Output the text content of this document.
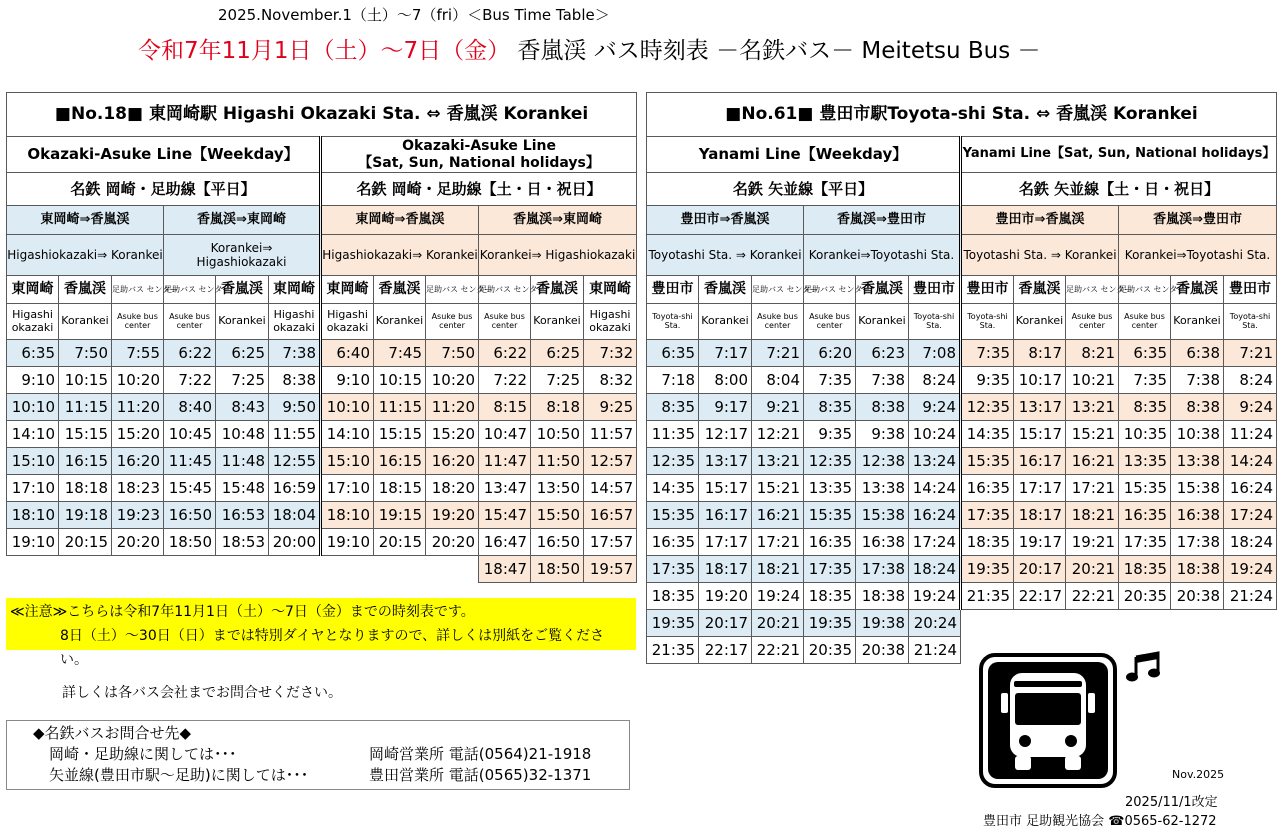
2025.November.1（土）～7（fri）＜Bus Time Table＞
令和7年11月1日（土）～7日（金） 香嵐渓 バス時刻表 －名鉄バス－ Meitetsu Bus －
■No.18■ 東岡崎駅 Higashi Okazaki Sta. ⇔ 香嵐渓 Korankei											
Okazaki-Asuke Line【Weekday】						Okazaki-Asuke Line
【Sat, Sun, National holidays】					

名鉄 岡崎・足助線【平日】						名鉄 岡崎・足助線【土・日・祝日】					
東岡崎⇒香嵐渓			香嵐渓⇒東岡崎			東岡崎⇒香嵐渓			香嵐渓⇒東岡崎		
Higashiokazaki⇒ Korankei			Korankei⇒ Higashiokazaki			Higashiokazaki⇒ Korankei			Korankei⇒ Higashiokazaki		
東岡崎	香嵐渓	足助バス センター	足助バス センター	香嵐渓	東岡崎	東岡崎	香嵐渓	足助バス センター	足助バス センター	香嵐渓	東岡崎
Higashi okazaki	Korankei	Asuke bus center	Asuke bus center	Korankei	Higashi okazaki	Higashi okazaki	Korankei	Asuke bus center	Asuke bus center	Korankei	Higashi okazaki
6:35	7:50	7:55	6:22	6:25	7:38	6:40	7:45	7:50	6:22	6:25	7:32
9:10	10:15	10:20	7:22	7:25	8:38	9:10	10:15	10:20	7:22	7:25	8:32
10:10	11:15	11:20	8:40	8:43	9:50	10:10	11:15	11:20	8:15	8:18	9:25
14:10	15:15	15:20	10:45	10:48	11:55	14:10	15:15	15:20	10:47	10:50	11:57
15:10	16:15	16:20	11:45	11:48	12:55	15:10	16:15	16:20	11:47	11:50	12:57
17:10	18:18	18:23	15:45	15:48	16:59	17:10	18:15	18:20	13:47	13:50	14:57
18:10	19:18	19:23	16:50	16:53	18:04	18:10	19:15	19:20	15:47	15:50	16:57
19:10	20:15	20:20	18:50	18:53	20:00	19:10	20:15	20:20	16:47	16:50	17:57
									18:47	18:50	19:57
■No.61■ 豊田市駅Toyota-shi Sta. ⇔ 香嵐渓 Korankei											
Yanami Line【Weekday】						Yanami Line【Sat, Sun, National holidays】					
名鉄 矢並線【平日】						名鉄 矢並線【土・日・祝日】					
豊田市⇒香嵐渓			香嵐渓⇒豊田市			豊田市⇒香嵐渓			香嵐渓⇒豊田市		
Toyotashi Sta. ⇒ Korankei			Korankei⇒Toyotashi Sta.			Toyotashi Sta. ⇒ Korankei			Korankei⇒Toyotashi Sta.		
豊田市	香嵐渓	足助バス センター	足助バス センター	香嵐渓	豊田市	豊田市	香嵐渓	足助バス センター	足助バス センター	香嵐渓	豊田市
Toyota-shi Sta.	Korankei	Asuke bus center	Asuke bus center	Korankei	Toyota-shi Sta.	Toyota-shi Sta.	Korankei	Asuke bus center	Asuke bus center	Korankei	Toyota-shi Sta.
6:35	7:17	7:21	6:20	6:23	7:08	7:35	8:17	8:21	6:35	6:38	7:21
7:18	8:00	8:04	7:35	7:38	8:24	9:35	10:17	10:21	7:35	7:38	8:24
8:35	9:17	9:21	8:35	8:38	9:24	12:35	13:17	13:21	8:35	8:38	9:24
11:35	12:17	12:21	9:35	9:38	10:24	14:35	15:17	15:21	10:35	10:38	11:24
12:35	13:17	13:21	12:35	12:38	13:24	15:35	16:17	16:21	13:35	13:38	14:24
14:35	15:17	15:21	13:35	13:38	14:24	16:35	17:17	17:21	15:35	15:38	16:24
15:35	16:17	16:21	15:35	15:38	16:24	17:35	18:17	18:21	16:35	16:38	17:24
16:35	17:17	17:21	16:35	16:38	17:24	18:35	19:17	19:21	17:35	17:38	18:24
17:35	18:17	18:21	17:35	17:38	18:24	19:35	20:17	20:21	18:35	18:38	19:24
18:35	19:20	19:24	18:35	18:38	19:24	21:35	22:17	22:21	20:35	20:38	21:24
19:35	20:17	20:21	19:35	19:38	20:24						
21:35	22:17	22:21	20:35	20:38	21:24						
≪注意≫こちらは令和7年11月1日（土）～7日（金）までの時刻表です。
8日（土）～30日（日）までは特別ダイヤとなりますので、詳しくは別紙をご覧ください。
詳しくは各バス会社までお問合せください。
◆名鉄バスお問合せ先◆
岡崎・足助線に関しては･･･	岡崎営業所 電話(0564)21-1918
矢並線(豊田市駅～足助)に関しては･･･	豊田営業所 電話(0565)32-1371	Nov.2025
2025/11/1改定
豊田市 足助観光協会 ☎0565-62-1272
